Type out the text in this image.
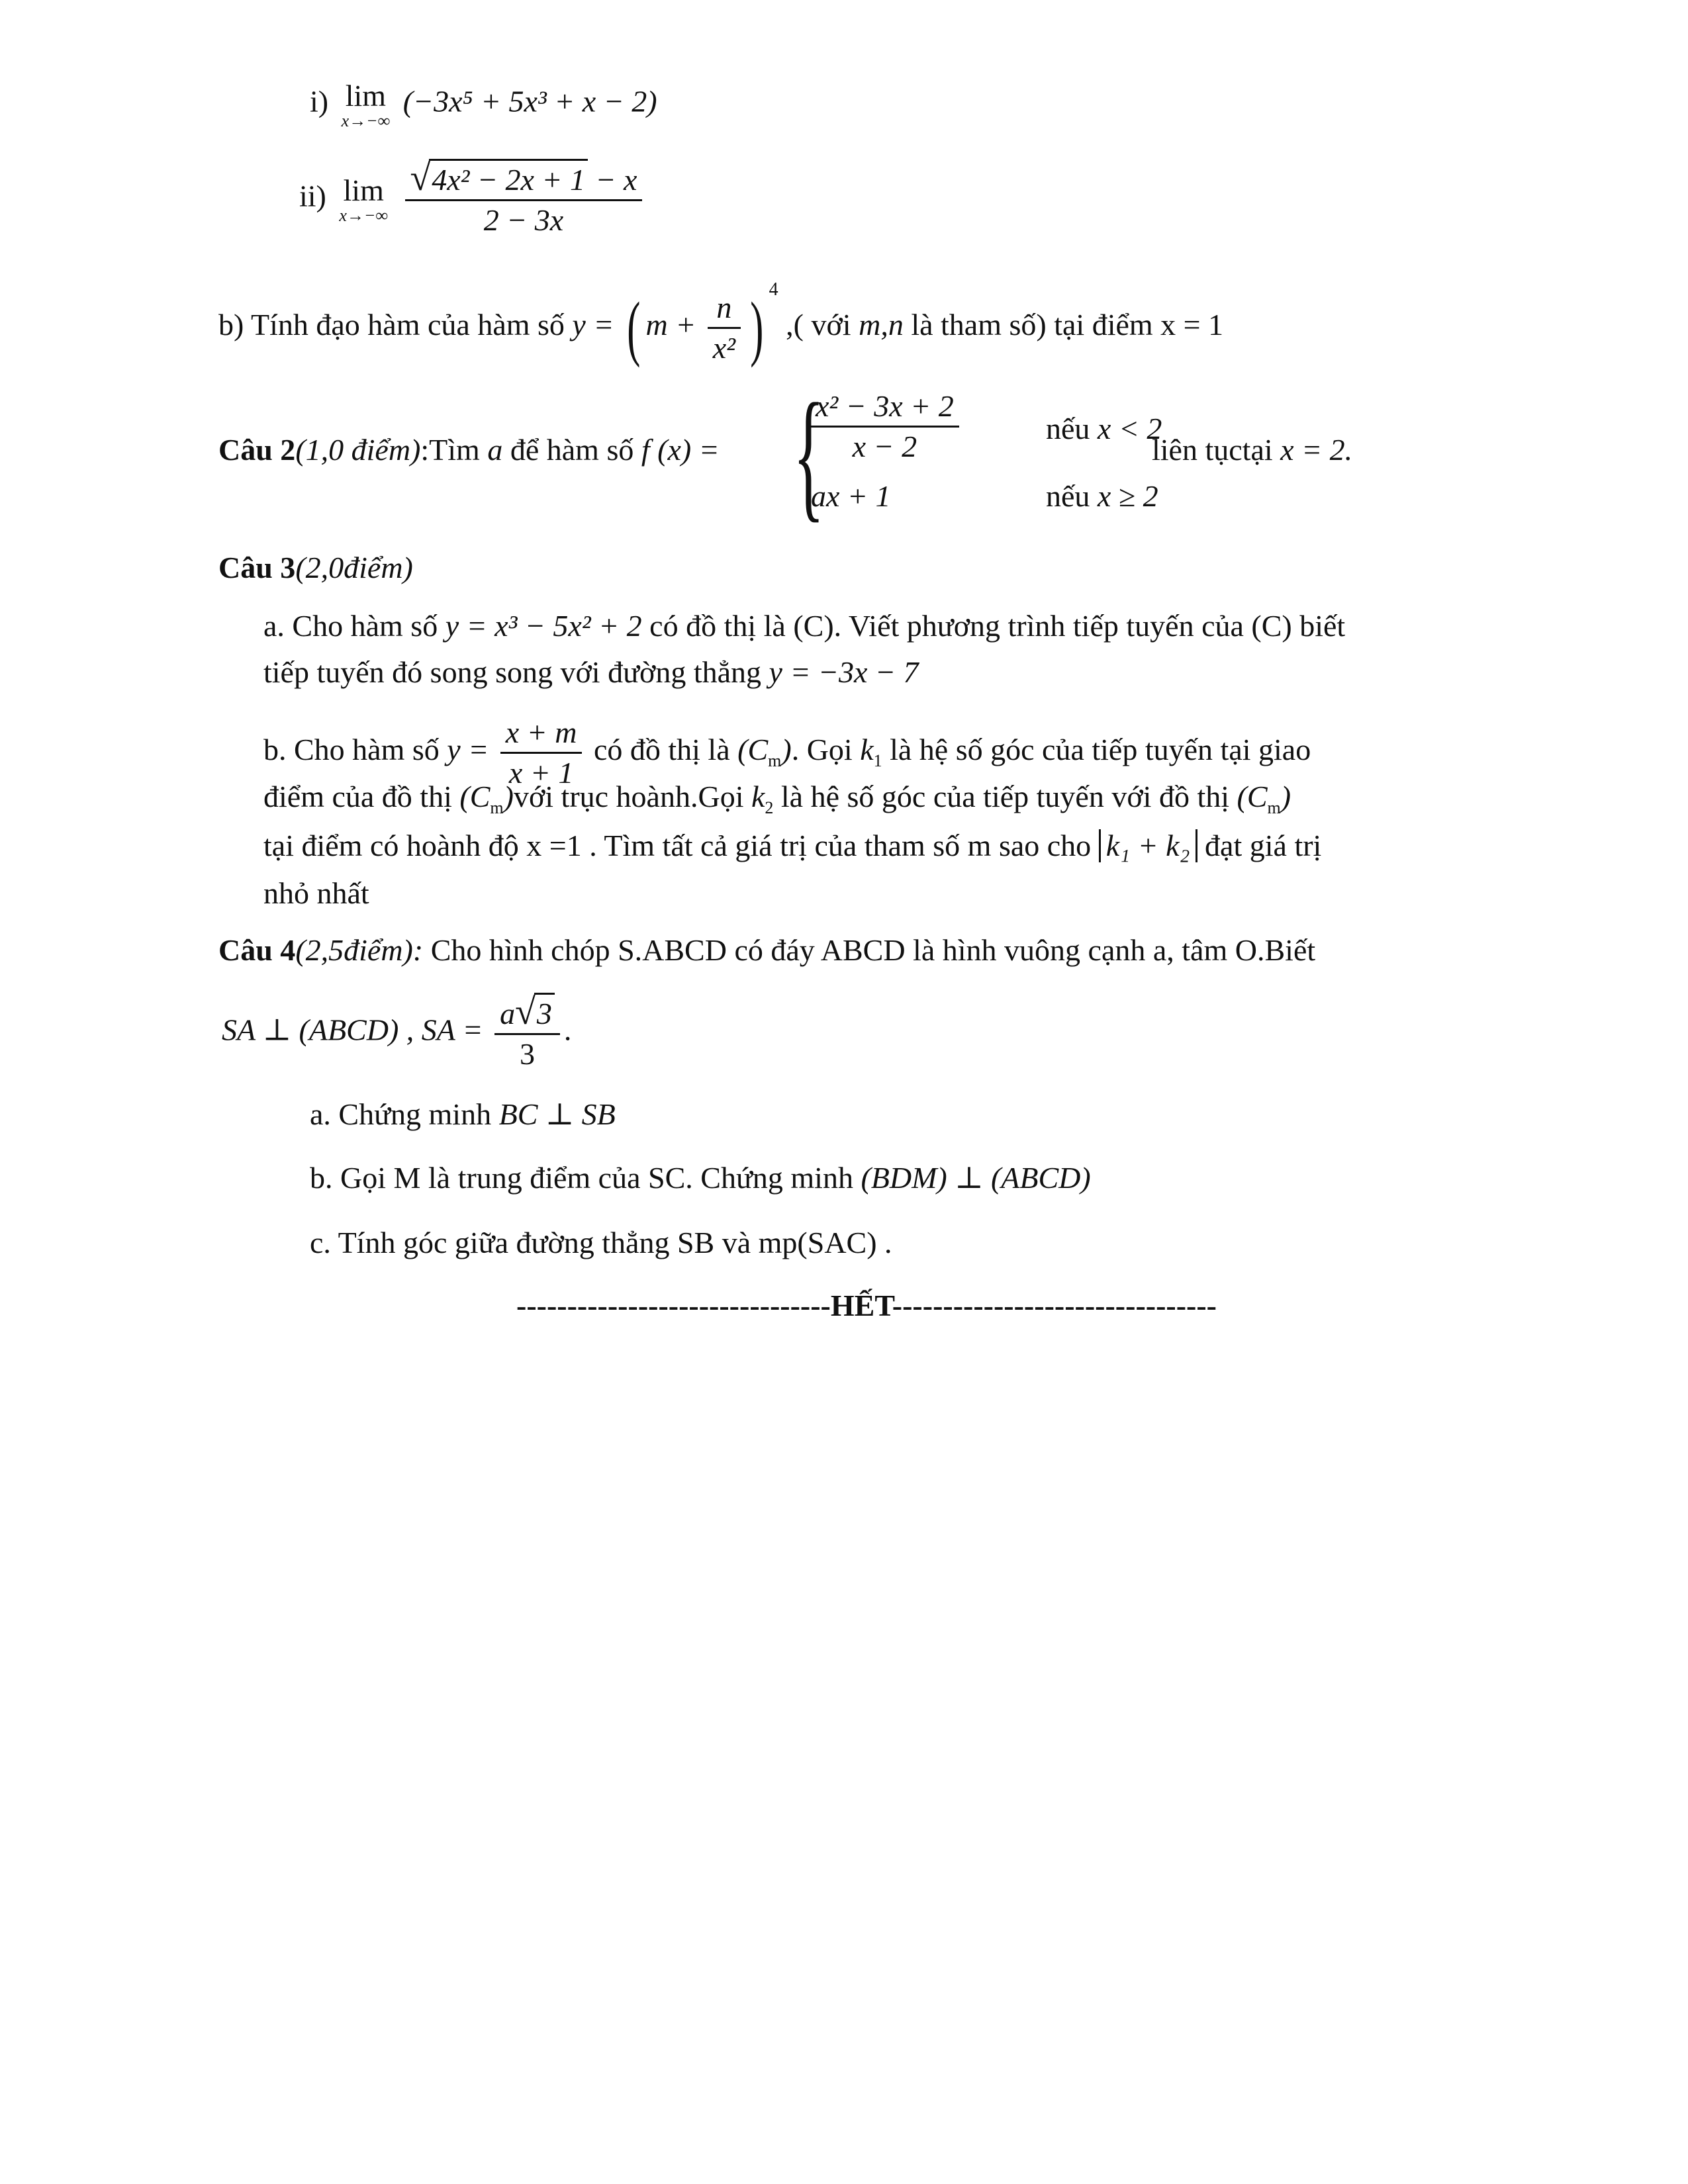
i) lim
x→−∞
(−3x⁵ + 5x³ + x − 2)
ii) lim
x→−∞
$\frac{\text{√4x² − 2x + 1 − x}}{2 - 3x}$
b) Tính đạo hàm của hàm số y = ( $m + \frac{n}{\text{x²}}$ ) $^4$ ,( với m,n là tham số) tại điểm x = 1
Câu 2(1,0 điểm):Tìm a để hàm số f (x) = {
$\frac{\text{x² − 3x + 2}}{x - 2}$	nếu x < 2
ax + 1	nếu x ≥ 2
liên tụctại x = 2.
Câu 3(2,0điểm)
a. Cho hàm số y = x³ − 5x² + 2 có đồ thị là (C). Viết phương trình tiếp tuyến của (C) biết
tiếp tuyến đó song song với đường thẳng y = −3x − 7
b. Cho hàm số $y = \frac{x + m}{x + 1}$ có đồ thị là $(C_m)$. Gọi $k_1$ là hệ số góc của tiếp tuyến tại giao
điểm của đồ thị $(C_m)với$ trục hoành.Gọi $k_2$ là hệ số góc của tiếp tuyến với đồ thị $(C_m)$
tại điểm có hoành độ x =1 . Tìm tất cả giá trị của tham số m sao cho k₁ + k₂ đạt giá trị
nhỏ nhất
Câu 4(2,5điểm): Cho hình chóp S.ABCD có đáy ABCD là hình vuông cạnh a, tâm O.Biết
SA ⊥ (ABCD) , SA = $\frac{a√3}{3}$ .
a. Chứng minh BC ⊥ SB
b. Gọi M là trung điểm của SC. Chứng minh (BDM) ⊥ (ABCD)
c. Tính góc giữa đường thẳng SB và mp(SAC) .
-------------------------------HẾT--------------------------------
